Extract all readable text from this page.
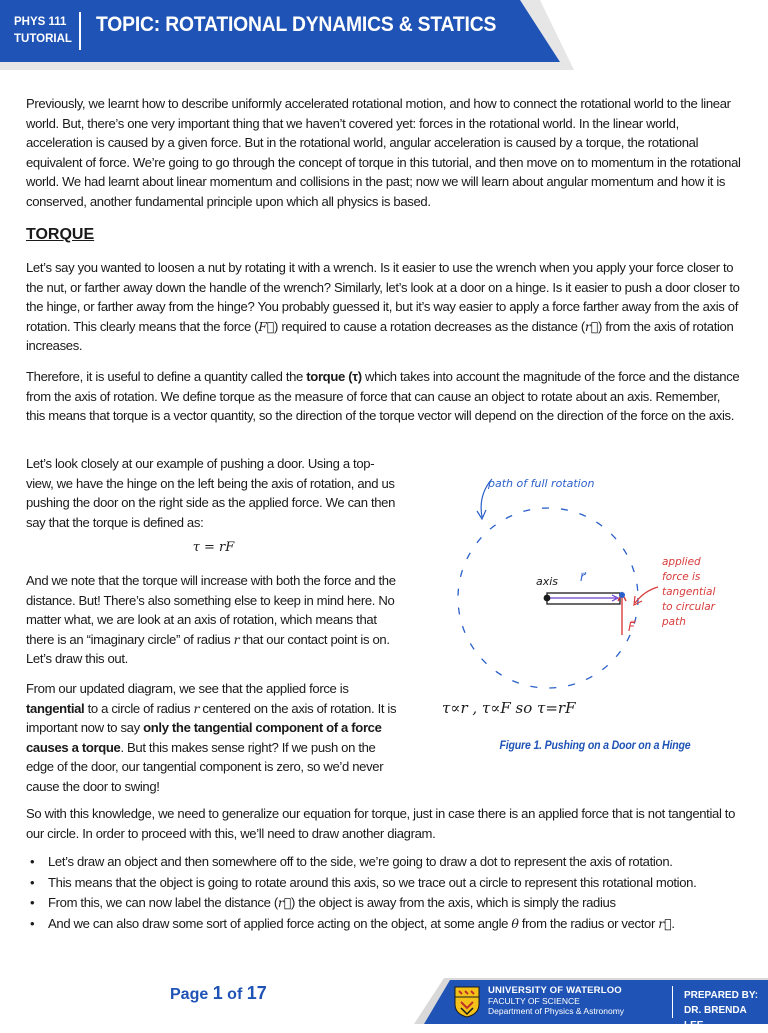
PHYS 111
TUTORIAL
TOPIC: ROTATIONAL DYNAMICS & STATICS

Previously, we learnt how to describe uniformly accelerated rotational motion, and how to connect the rotational world to the linear world. But, there’s one very important thing that we haven’t covered yet: forces in the rotational world. In the linear world, acceleration is caused by a given force. But in the rotational world, angular acceleration is caused by a torque, the rotational equivalent of force. We’re going to go through the concept of torque in this tutorial, and then move on to momentum in the rotational world. We had learnt about linear momentum and collisions in the past; now we will learn about angular momentum and how it is conserved, another fundamental principle upon which all physics is based.

TORQUE

Let’s say you wanted to loosen a nut by rotating it with a wrench. Is it easier to use the wrench when you apply your force closer to the nut, or farther away down the handle of the wrench? Similarly, let’s look at a door on a hinge. Is it easier to push a door closer to the hinge, or farther away from the hinge? You probably guessed it, but it’s way easier to apply a force farther away from the axis of rotation. This clearly means that the force (F⃗) required to cause a rotation decreases as the distance (r⃗) from the axis of rotation increases.

Therefore, it is useful to define a quantity called the torque (τ) which takes into account the magnitude of the force and the distance from the axis of rotation. We define torque as the measure of force that can cause an object to rotate about an axis. Remember, this means that torque is a vector quantity, so the direction of the torque vector will depend on the direction of the force on the axis.

Let’s look closely at our example of pushing a door. Using a top-view, we have the hinge on the left being the axis of rotation, and us pushing the door on the right side as the applied force. We can then say that the torque is defined as:

τ = rF

And we note that the torque will increase with both the force and the distance. But! There’s also something else to keep in mind here. No matter what, we are look at an axis of rotation, which means that there is an “imaginary circle” of radius r that our contact point is on. Let’s draw this out.

From our updated diagram, we see that the applied force is tangential to a circle of radius r centered on the axis of rotation. It is important now to say only the tangential component of a force causes a torque. But this makes sense right? If we push on the edge of the door, our tangential component is zero, so we’d never cause the door to swing!

path of full rotation
axis r⃗
F⃗
applied
force is
tangential
to circular
path
τ∝r , τ∝F so τ=rF
Figure 1. Pushing on a Door on a Hinge

So with this knowledge, we need to generalize our equation for torque, just in case there is an applied force that is not tangential to our circle. In order to proceed with this, we’ll need to draw another diagram.

• Let’s draw an object and then somewhere off to the side, we’re going to draw a dot to represent the axis of rotation.
• This means that the object is going to rotate around this axis, so we trace out a circle to represent this rotational motion.
• From this, we can now label the distance (r⃗) the object is away from the axis, which is simply the radius
• And we can also draw some sort of applied force acting on the object, at some angle θ from the radius or vector r⃗.
Page 1 of 17	UNIVERSITY OF WATERLOO
FACULTY OF SCIENCE
Department of Physics & Astronomy
PREPARED BY:
DR. BRENDA LEE
